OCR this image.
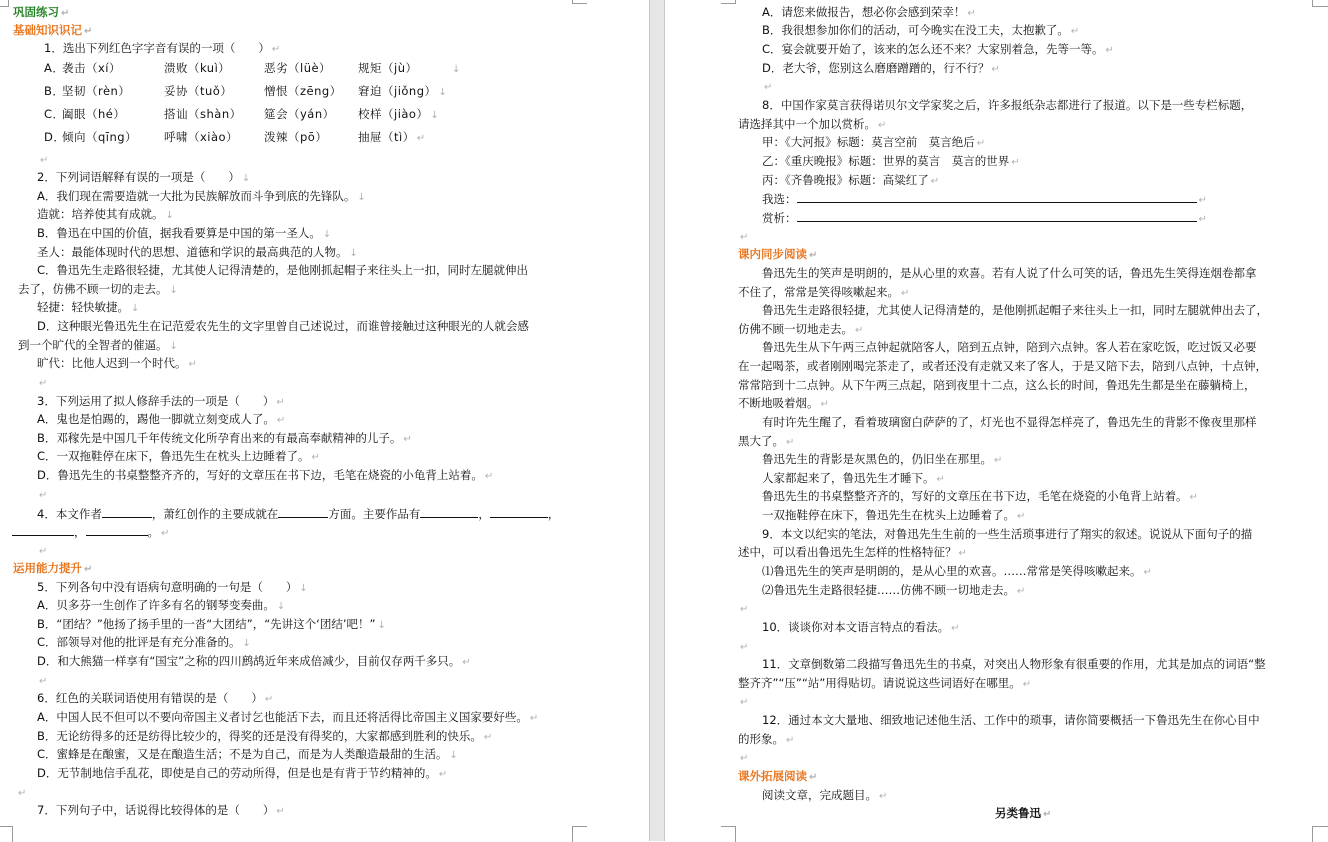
巩固练习 ↵
基础知识识记 ↵
1．选出下列红色字字音有误的一项（　　） ↵
A．袭击（xí）	溃败（kuì）	恶劣（lüè） 规矩（jù）	↓
B．坚韧（rèn）	妥协（tuǒ）	憎恨（zēng） 窘迫（jiǒng） ↓
C．阖眼（hé）	搭讪（shàn） 筵会（yán） 校样（jiào） ↓
D．倾向（qīng） 呼啸（xiào） 泼辣（pō）	抽屉（tì） ↵
↵
2．下列词语解释有误的一项是（　　） ↓
A．我们现在需要造就一大批为民族解放而斗争到底的先锋队。 ↓
造就：培养使其有成就。 ↓
B．鲁迅在中国的价值，据我看要算是中国的第一圣人。 ↓
圣人：最能体现时代的思想、道德和学识的最高典范的人物。 ↓
C．鲁迅先生走路很轻捷，尤其使人记得清楚的，是他刚抓起帽子来往头上一扣，同时左腿就伸出
去了，仿佛不顾一切的走去。 ↓
轻捷：轻快敏捷。 ↓
D．这种眼光鲁迅先生在记范爱农先生的文字里曾自己述说过，而谁曾接触过这种眼光的人就会感
到一个旷代的全智者的催逼。 ↓
旷代：比他人迟到一个时代。 ↵
↵
3．下列运用了拟人修辞手法的一项是（　　） ↵
A．鬼也是怕踢的，踢他一脚就立刻变成人了。 ↵
B．邓稼先是中国几千年传统文化所孕育出来的有最高奉献精神的儿子。 ↵
C．一双拖鞋停在床下，鲁迅先生在枕头上边睡着了。 ↵
D．鲁迅先生的书桌整整齐齐的，写好的文章压在书下边，毛笔在烧瓷的小龟背上站着。 ↵
↵
4．本文作者	，萧红创作的主要成就在	方面。主要作品有	，	，
，	。 ↵
↵
运用能力提升 ↵
5．下列各句中没有语病句意明确的一句是（　　） ↓
A．贝多芬一生创作了许多有名的钢琴变奏曲。 ↓
B．“团结？”他扬了扬手里的一沓“大团结”，“先讲这个‘团结’吧！” ↓
C．部领导对他的批评是有充分准备的。 ↓
D．和大熊猫一样享有“国宝”之称的四川鹧鸪近年来成倍减少，目前仅存两千多只。 ↵
↵
6．红色的关联词语使用有错误的是（　　） ↵
A．中国人民不但可以不要向帝国主义者讨乞也能活下去，而且还将活得比帝国主义国家要好些。 ↵
B．无论纺得多的还是纺得比较少的，得奖的还是没有得奖的，大家都感到胜利的快乐。 ↵
C．蜜蜂是在酿蜜，又是在酿造生活；不是为自己，而是为人类酿造最甜的生活。 ↓
D．无节制地信手乱花，即使是自己的劳动所得，但是也是有背于节约精神的。 ↵
↵
7．下列句子中，话说得比较得体的是（　　） ↵
A．请您来做报告，想必你会感到荣幸！ ↵
B．我很想参加你们的活动，可今晚实在没工夫，太抱歉了。 ↵
C．宴会就要开始了，该来的怎么还不来？大家别着急，先等一等。 ↵
D．老大爷，您别这么磨磨蹭蹭的，行不行？ ↵
↵
8．中国作家莫言获得诺贝尔文学家奖之后，许多报纸杂志都进行了报道。以下是一些专栏标题，
请选择其中一个加以赏析。 ↵
甲：《大河报》标题：莫言空前　莫言绝后 ↵
乙：《重庆晚报》标题：世界的莫言　莫言的世界 ↵
丙：《齐鲁晚报》标题：高粱红了 ↵
我选：	↵
赏析：	↵
↵
课内同步阅读 ↵
鲁迅先生的笑声是明朗的，是从心里的欢喜。若有人说了什么可笑的话，鲁迅先生笑得连烟卷都拿
不住了，常常是笑得咳嗽起来。 ↵
鲁迅先生走路很轻捷，尤其使人记得清楚的，是他刚抓起帽子来往头上一扣，同时左腿就伸出去了，
仿佛不顾一切地走去。 ↵
鲁迅先生从下午两三点钟起就陪客人，陪到五点钟，陪到六点钟。客人若在家吃饭，吃过饭又必要
在一起喝茶，或者刚刚喝完茶走了，或者还没有走就又来了客人，于是又陪下去，陪到八点钟，十点钟，
常常陪到十二点钟。从下午两三点起，陪到夜里十二点，这么长的时间，鲁迅先生都是坐在藤躺椅上，
不断地吸着烟。 ↵
有时许先生醒了，看着玻璃窗白萨萨的了，灯光也不显得怎样亮了，鲁迅先生的背影不像夜里那样
黑大了。 ↵
鲁迅先生的背影是灰黑色的，仍旧坐在那里。 ↵
人家都起来了，鲁迅先生才睡下。 ↵
鲁迅先生的书桌整整齐齐的，写好的文章压在书下边，毛笔在烧瓷的小龟背上站着。 ↵
一双拖鞋停在床下，鲁迅先生在枕头上边睡着了。 ↵
9．本文以纪实的笔法，对鲁迅先生生前的一些生活琐事进行了翔实的叙述。说说从下面句子的描
述中，可以看出鲁迅先生怎样的性格特征？ ↵
⑴鲁迅先生的笑声是明朗的，是从心里的欢喜。……常常是笑得咳嗽起来。 ↵
⑵鲁迅先生走路很轻捷……仿佛不顾一切地走去。 ↵
↵
10．谈谈你对本文语言特点的看法。 ↵
↵
11．文章倒数第二段描写鲁迅先生的书桌，对突出人物形象有很重要的作用，尤其是加点的词语“整
整齐齐”“压”“站”用得贴切。请说说这些词语好在哪里。 ↵
↵
12．通过本文大量地、细致地记述他生活、工作中的琐事，请你简要概括一下鲁迅先生在你心目中
的形象。 ↵
↵
课外拓展阅读 ↵
阅读文章，完成题目。 ↵
另类鲁迅 ↵
